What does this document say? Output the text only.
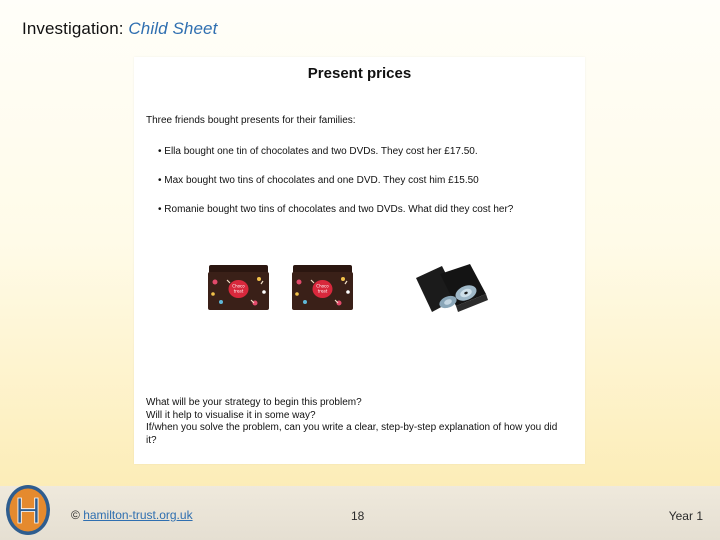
Investigation: Child Sheet
Present prices
Three friends bought presents for their families:
• Ella bought one tin of chocolates and two DVDs. They cost her £17.50.
• Max bought two tins of chocolates and one DVD. They cost him £15.50
• Romanie bought two tins of chocolates and two DVDs. What did they cost her?
Choco
treat
Choco
treat
What will be your strategy to begin this problem?
Will it help to visualise it in some way?
If/when you solve the problem, can you write a clear, step-by-step explanation of how you did it?
H	© hamilton-trust.org.uk	18	Year 1
